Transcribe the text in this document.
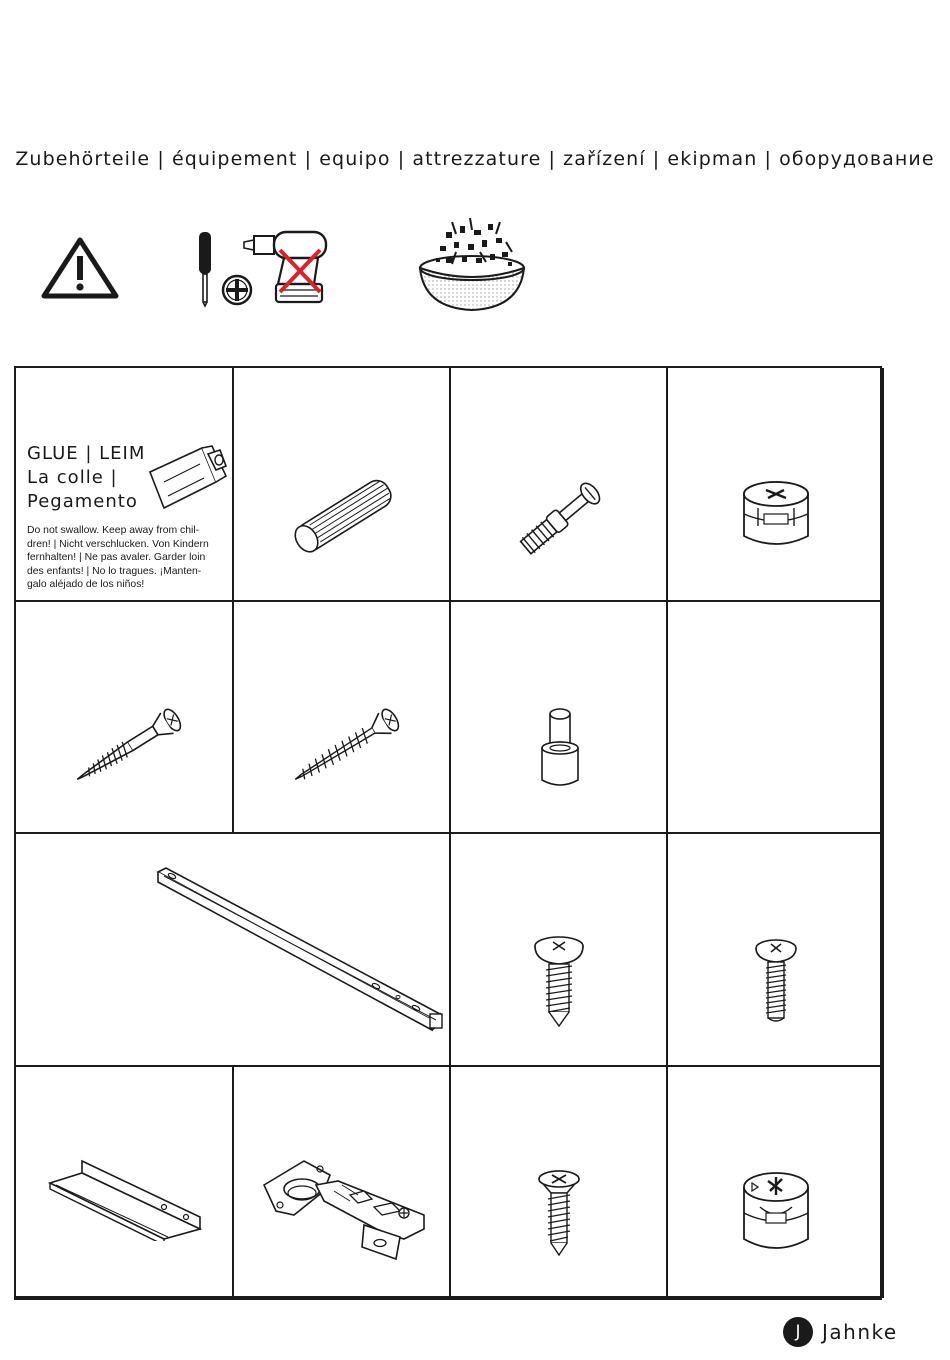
Zubehörteile | équipement | equipo | attrezzature | zařízení | ekipman | оборудование
GLUE | LEIM
La colle |
Pegamento
Do not swallow. Keep away from chil-
dren! | Nicht verschlucken. Von Kindern
fernhalten! | Ne pas avaler. Garder loin
des enfants! | No lo tragues. ¡Manten-
galo aléjado de los niños!
J	Jahnke
